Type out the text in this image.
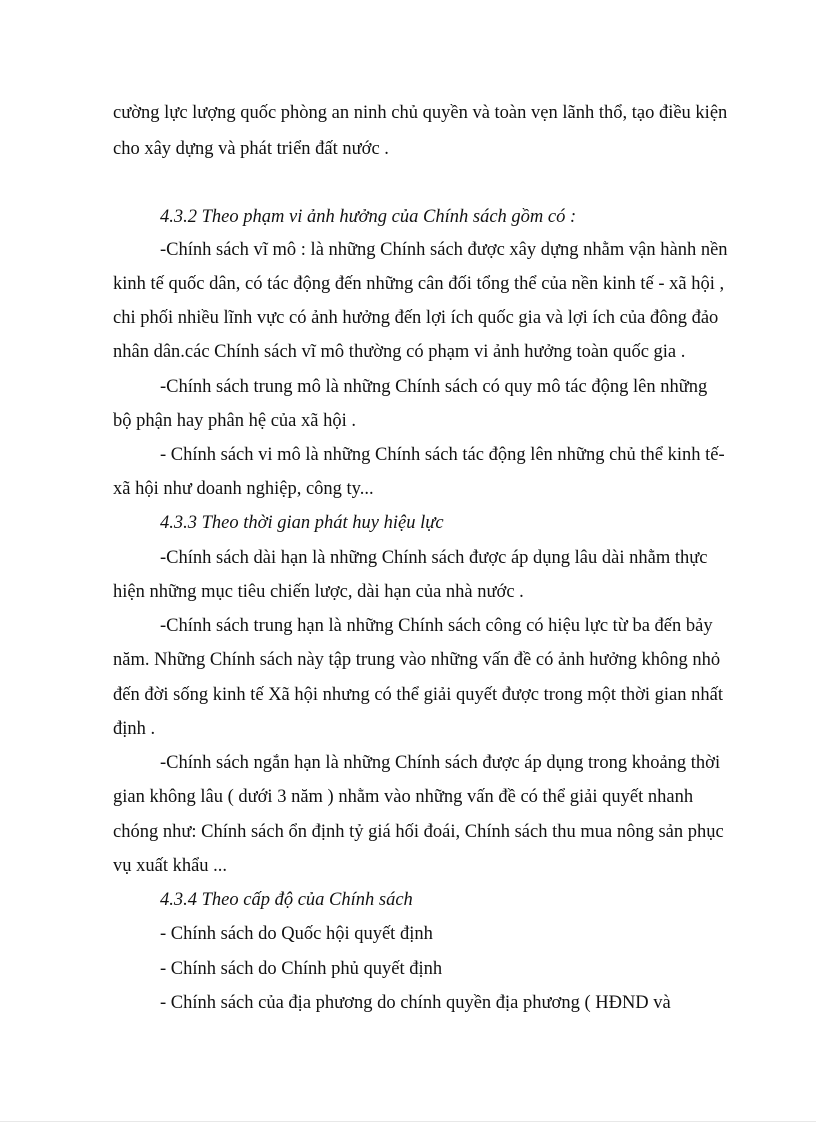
cường lực lượng quốc phòng an ninh chủ quyền và toàn vẹn lãnh thổ, tạo điều kiện
cho xây dựng và phát triển đất nước .
4.3.2 Theo phạm vi ảnh hưởng của Chính sách gồm có :
-Chính sách vĩ mô : là những Chính sách được xây dựng nhằm vận hành nền
kinh tế quốc dân, có tác động đến những cân đối tổng thể của nền kinh tế - xã hội ,
chi phối nhiều lĩnh vực có ảnh hưởng đến lợi ích quốc gia và lợi ích của đông đảo
nhân dân.các Chính sách vĩ mô thường có phạm vi ảnh hưởng toàn quốc gia .
-Chính sách trung mô là những Chính sách có quy mô tác động lên những
bộ phận hay phân hệ của xã hội .
- Chính sách vi mô là những Chính sách tác động lên những chủ thể kinh tế-
xã hội như doanh nghiệp, công ty...
4.3.3 Theo thời gian phát huy hiệu lực
-Chính sách dài hạn là những Chính sách được áp dụng lâu dài nhằm thực
hiện những mục tiêu chiến lược, dài hạn của nhà nước .
-Chính sách trung hạn là những Chính sách công có hiệu lực từ ba đến bảy
năm. Những Chính sách này tập trung vào những vấn đề có ảnh hưởng không nhỏ
đến đời sống kinh tế Xã hội nhưng có thể giải quyết được trong một thời gian nhất
định .
-Chính sách ngắn hạn là những Chính sách được áp dụng trong khoảng thời
gian không lâu ( dưới 3 năm ) nhằm vào những vấn đề có thể giải quyết nhanh
chóng như: Chính sách ổn định tỷ giá hối đoái, Chính sách thu mua nông sản phục
vụ xuất khẩu ...
4.3.4 Theo cấp độ của Chính sách
- Chính sách do Quốc hội quyết định
- Chính sách do Chính phủ quyết định
- Chính sách của địa phương do chính quyền địa phương ( HĐND và
